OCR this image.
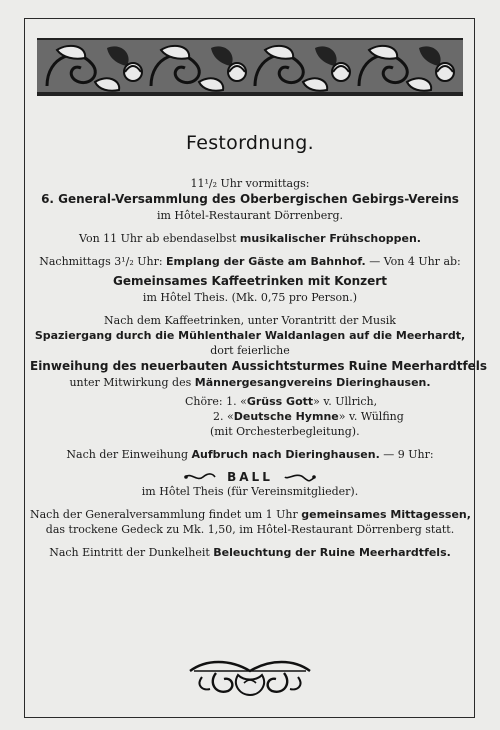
Festordnung.

11¹/₂ Uhr vormittags:

6. General-Versammlung des Oberbergischen Gebirgs-Vereins

im Hôtel-Restaurant Dörrenberg.

Von 11 Uhr ab ebendaselbst musikalischer Frühschoppen.

Nachmittags 3¹/₂ Uhr: Emplang der Gäste am Bahnhof. — Von 4 Uhr ab:

Gemeinsames Kaffeetrinken mit Konzert

im Hôtel Theis. (Mk. 0,75 pro Person.)

Nach dem Kaffeetrinken, unter Vorantritt der Musik

Spaziergang durch die Mühlenthaler Waldanlagen auf die Meerhardt,

dort feierliche

Einweihung des neuerbauten Aussichtsturmes Ruine Meerhardtfels

unter Mitwirkung des Männergesangvereins Dieringhausen.

Chöre: 1. «Grüss Gott» v. Ullrich,

2. «Deutsche Hymne» v. Wülfing

(mit Orchesterbegleitung).

Nach der Einweihung Aufbruch nach Dieringhausen. — 9 Uhr:

BALL

im Hôtel Theis (für Vereinsmitglieder).

Nach der Generalversammlung findet um 1 Uhr gemeinsames Mittagessen,

das trockene Gedeck zu Mk. 1,50, im Hôtel-Restaurant Dörrenberg statt.

Nach Eintritt der Dunkelheit Beleuchtung der Ruine Meerhardtfels.
